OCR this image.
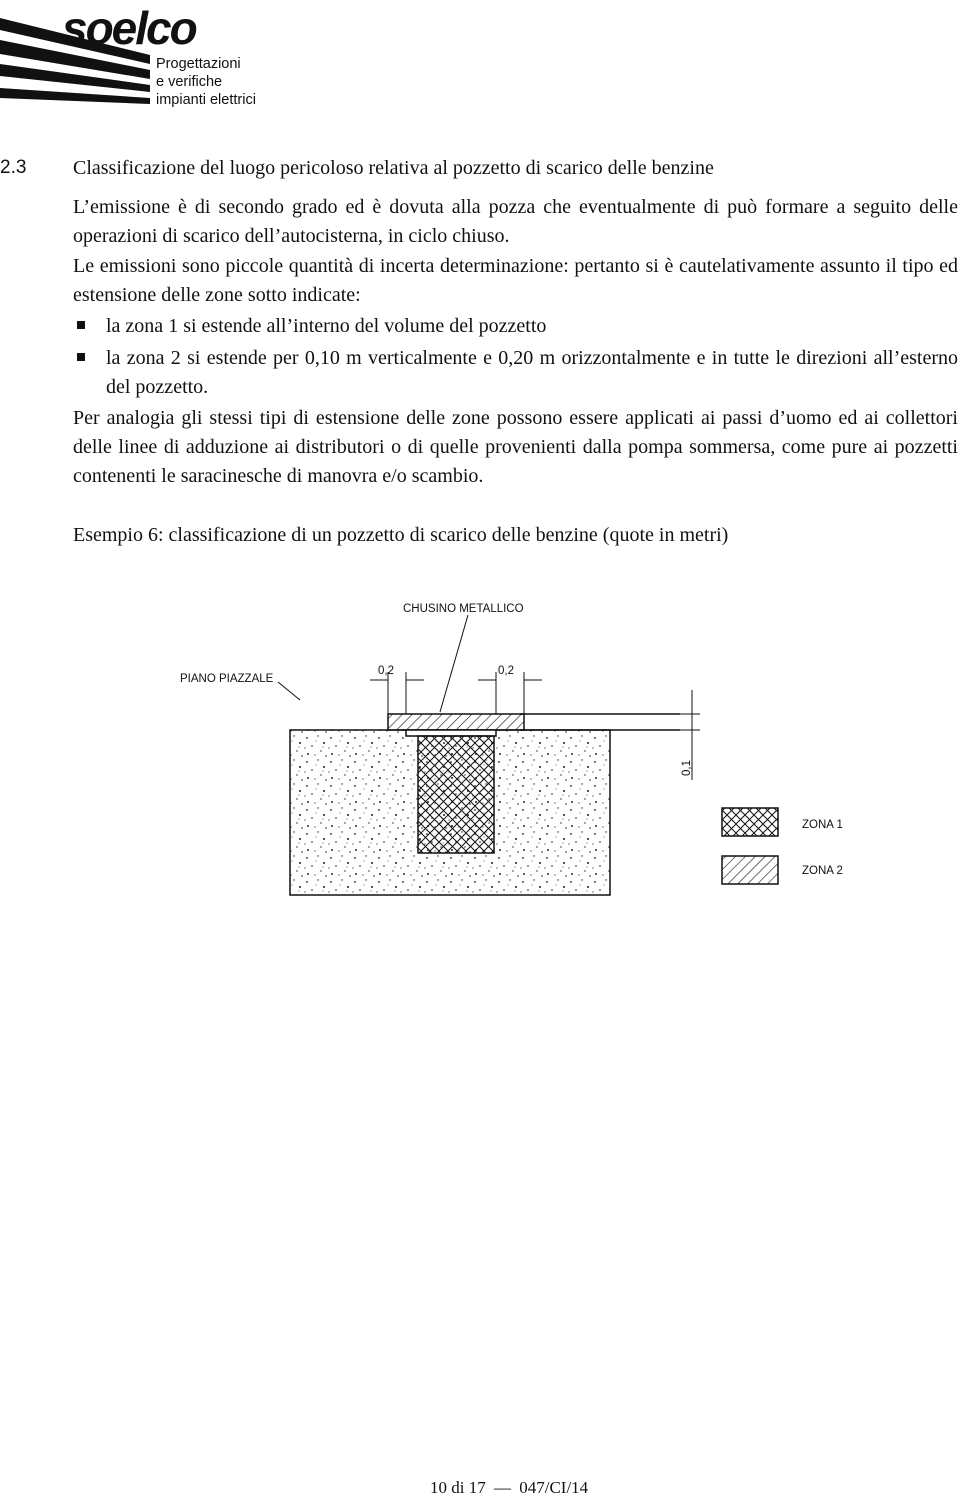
soelco
Progettazioni
e verifiche
impianti elettrici
2.3 Classificazione del luogo pericoloso relativa al pozzetto di scarico delle benzine
L’emissione è di secondo grado ed è dovuta alla pozza che eventualmente di può formare a seguito delle operazioni di scarico dell’autocisterna, in ciclo chiuso.
Le emissioni sono piccole quantità di incerta determinazione: pertanto si è cautelativamente assunto il tipo ed estensione delle zone sotto indicate:
la zona 1 si estende all’interno del volume del pozzetto
la zona 2 si estende per 0,10 m verticalmente e 0,20 m orizzontalmente e in tutte le direzioni all’esterno del pozzetto.
Per analogia gli stessi tipi di estensione delle zone possono essere applicati ai passi d’uomo ed ai collettori delle linee di adduzione ai distributori o di quelle provenienti dalla pompa sommersa, come pure ai pozzetti contenenti le saracinesche di manovra e/o scambio.
Esempio 6: classificazione di un pozzetto di scarico delle benzine (quote in metri)
CHUSINO METALLICO
PIANO PIAZZALE
0,2	0,2
0,1
ZONA 1
ZONA 2
10 di 17 — 047/CI/14
